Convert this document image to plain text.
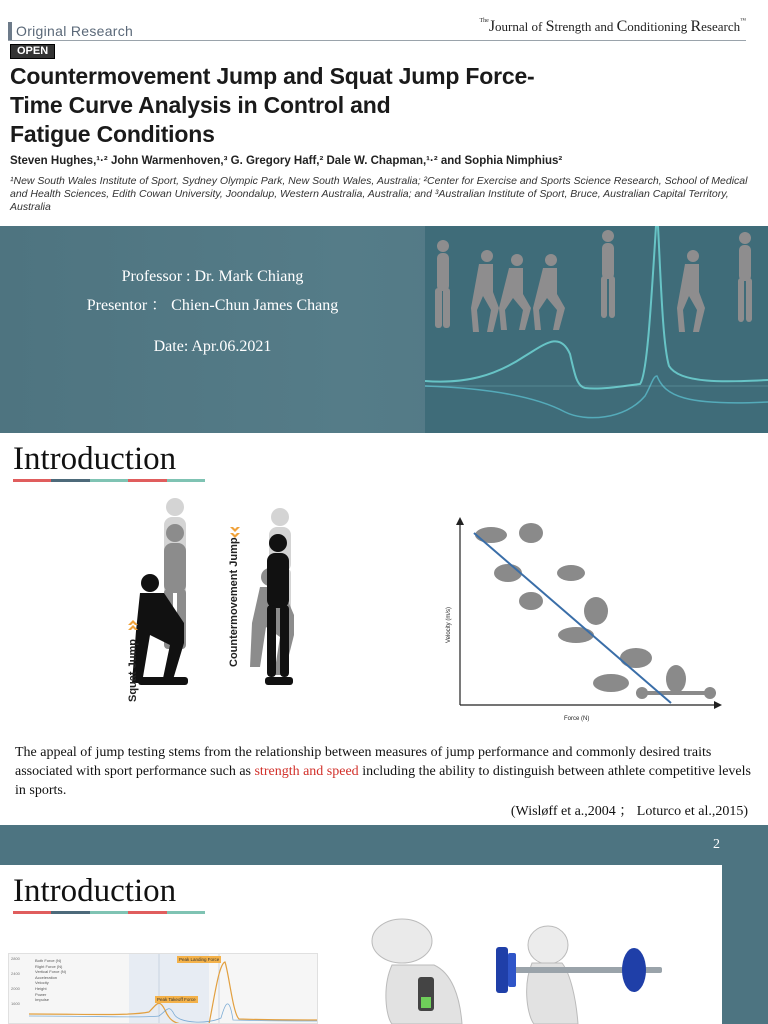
Original Research
$^{The}$Journal of Strength and Conditioning Research™
OPEN
Countermovement Jump and Squat Jump Force-
Time Curve Analysis in Control and
Fatigue Conditions
Steven Hughes,¹·² John Warmenhoven,³ G. Gregory Haff,² Dale W. Chapman,¹·² and Sophia Nimphius²
¹New South Wales Institute of Sport, Sydney Olympic Park, New South Wales, Australia; ²Center for Exercise and Sports Science Research, School of Medical and Health Sciences, Edith Cowan University, Joondalup, Western Australia, Australia; and ³Australian Institute of Sport, Bruce, Australian Capital Territory, Australia
Professor : Dr. Mark Chiang
Presentor ： Chien-Chun James Chang
Date: Apr.06.2021
Introduction
Squat Jump
Countermovement Jump	Velocity (m/s)
Force (N)
The appeal of jump testing stems from the relationship between measures of jump performance and commonly desired traits associated with sport performance such as strength and speed including the ability to distinguish between athlete competitive levels in sports.
(Wisløff et a.,2004 ； Loturco et al.,2015)
2
Introduction
2800
2400
2000
1600
Both Force (N)
Right Force (N)
Vertical Force (N)
Acceleration
Velocity
Height
Power
Impulse
Peak Landing Force
Peak Takeoff Force
